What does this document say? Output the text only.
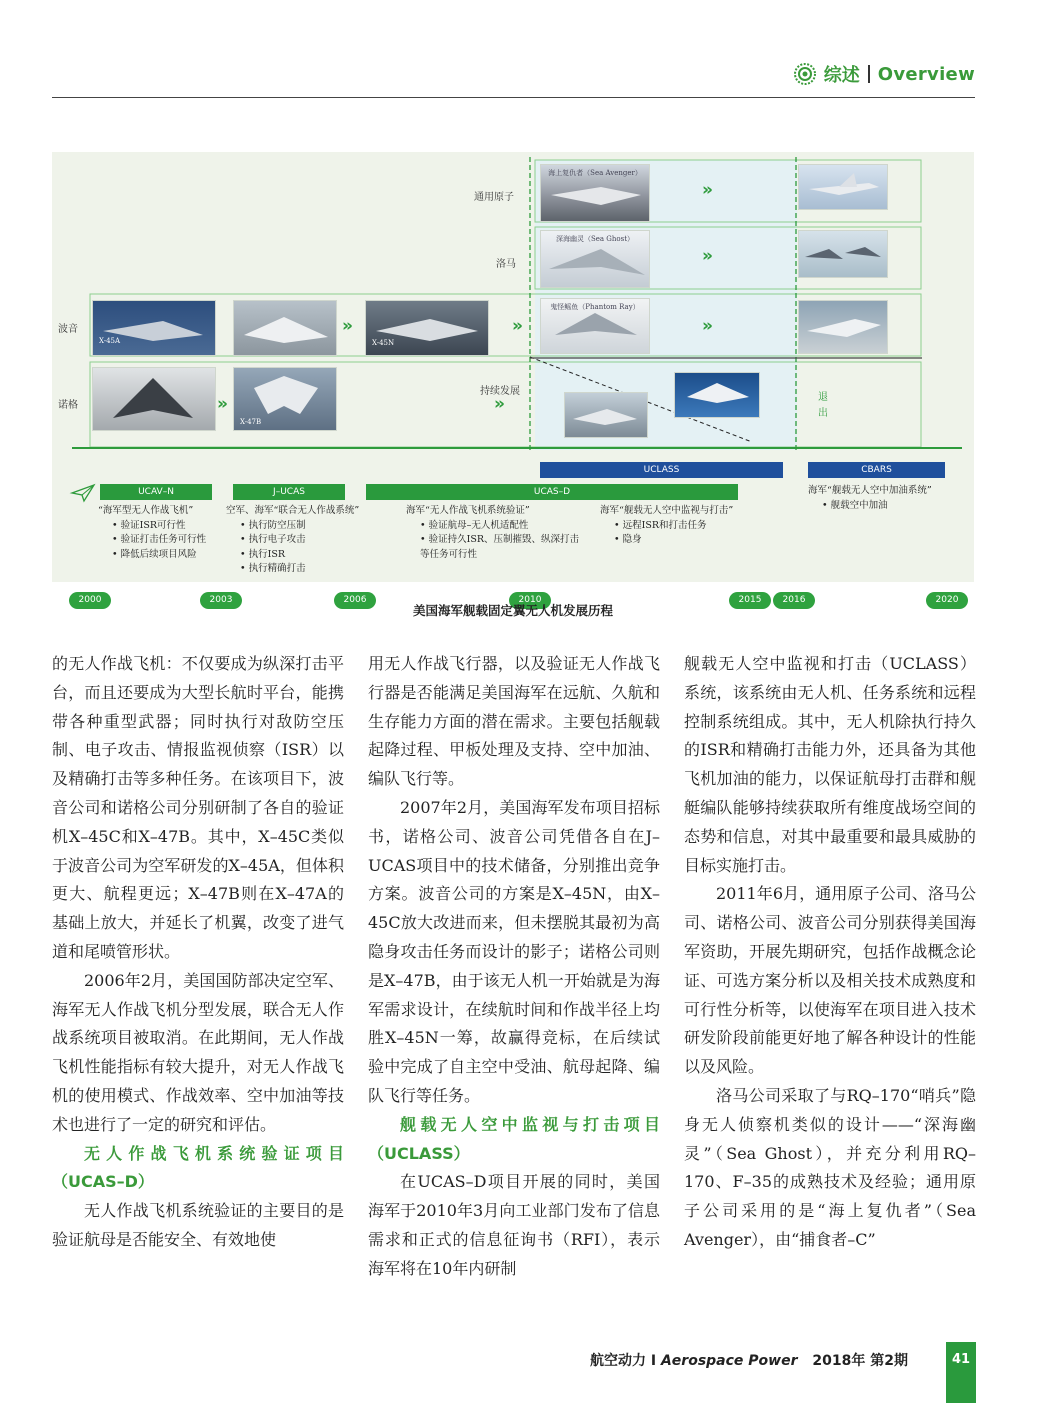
综述 Overview
通用原子
洛马
波音
诺格
海上复仇者（Sea Avenger）
深海幽灵（Sea Ghost）
X-45A	X-45N
鬼怪鳐鱼（Phantom Ray）
X-47B
»
»
»
»	»
»	»
持续发展
退出
2000	2003	2006	2010	2015	2016	2020
UCLASS	CBARS
UCAV–N	J–UCAS	UCAS–D
“海军型无人作战飞机”
• 验证ISR可行性
• 验证打击任务可行性
• 降低后续项目风险
空军、海军“联合无人作战系统”
• 执行防空压制
• 执行电子攻击
• 执行ISR
• 执行精确打击
海军“无人作战飞机系统验证”
• 验证航母–无人机适配性
• 验证持久ISR、压制摧毁、纵深打击等任务可行性
海军“舰载无人空中监视与打击”
• 远程ISR和打击任务
• 隐身
海军“舰载无人空中加油系统”
• 舰载空中加油
美国海军舰载固定翼无人机发展历程

的无人作战飞机：不仅要成为纵深打击平台，而且还要成为大型长航时平台，能携带各种重型武器；同时执行对敌防空压制、电子攻击、情报监视侦察（ISR）以及精确打击等多种任务。在该项目下，波音公司和诺格公司分别研制了各自的验证机X–45C和X–47B。其中，X–45C类似于波音公司为空军研发的X–45A，但体积更大、航程更远；X–47B则在X–47A的基础上放大，并延长了机翼，改变了进气道和尾喷管形状。

2006年2月，美国国防部决定空军、海军无人作战飞机分型发展，联合无人作战系统项目被取消。在此期间，无人作战飞机性能指标有较大提升，对无人作战飞机的使用模式、作战效率、空中加油等技术也进行了一定的研究和评估。

无人作战飞机系统验证项目（UCAS–D）

无人作战飞机系统验证的主要目的是验证航母是否能安全、有效地使

用无人作战飞行器，以及验证无人作战飞行器是否能满足美国海军在远航、久航和生存能力方面的潜在需求。主要包括舰载起降过程、甲板处理及支持、空中加油、编队飞行等。

2007年2月，美国海军发布项目招标书，诺格公司、波音公司凭借各自在J–UCAS项目中的技术储备，分别推出竞争方案。波音公司的方案是X–45N，由X–45C放大改进而来，但未摆脱其最初为高隐身攻击任务而设计的影子；诺格公司则是X–47B，由于该无人机一开始就是为海军需求设计，在续航时间和作战半径上均胜X–45N一筹，故赢得竞标，在后续试验中完成了自主空中受油、航母起降、编队飞行等任务。

舰载无人空中监视与打击项目（UCLASS）

在UCAS–D项目开展的同时，美国海军于2010年3月向工业部门发布了信息需求和正式的信息征询书（RFI），表示海军将在10年内研制

舰载无人空中监视和打击（UCLASS）系统，该系统由无人机、任务系统和远程控制系统组成。其中，无人机除执行持久的ISR和精确打击能力外，还具备为其他飞机加油的能力，以保证航母打击群和舰艇编队能够持续获取所有维度战场空间的态势和信息，对其中最重要和最具威胁的目标实施打击。

2011年6月，通用原子公司、洛马公司、诺格公司、波音公司分别获得美国海军资助，开展先期研究，包括作战概念论证、可选方案分析以及相关技术成熟度和可行性分析等，以使海军在项目进入技术研发阶段前能更好地了解各种设计的性能以及风险。

洛马公司采取了与RQ–170“哨兵”隐身无人侦察机类似的设计——“深海幽灵”（Sea Ghost），并充分利用RQ–170、F–35的成熟技术及经验；通用原子公司采用的是“海上复仇者”（Sea Avenger），由“捕食者–C”

航空动力 I Aerospace Power 2018年 第2期	41
